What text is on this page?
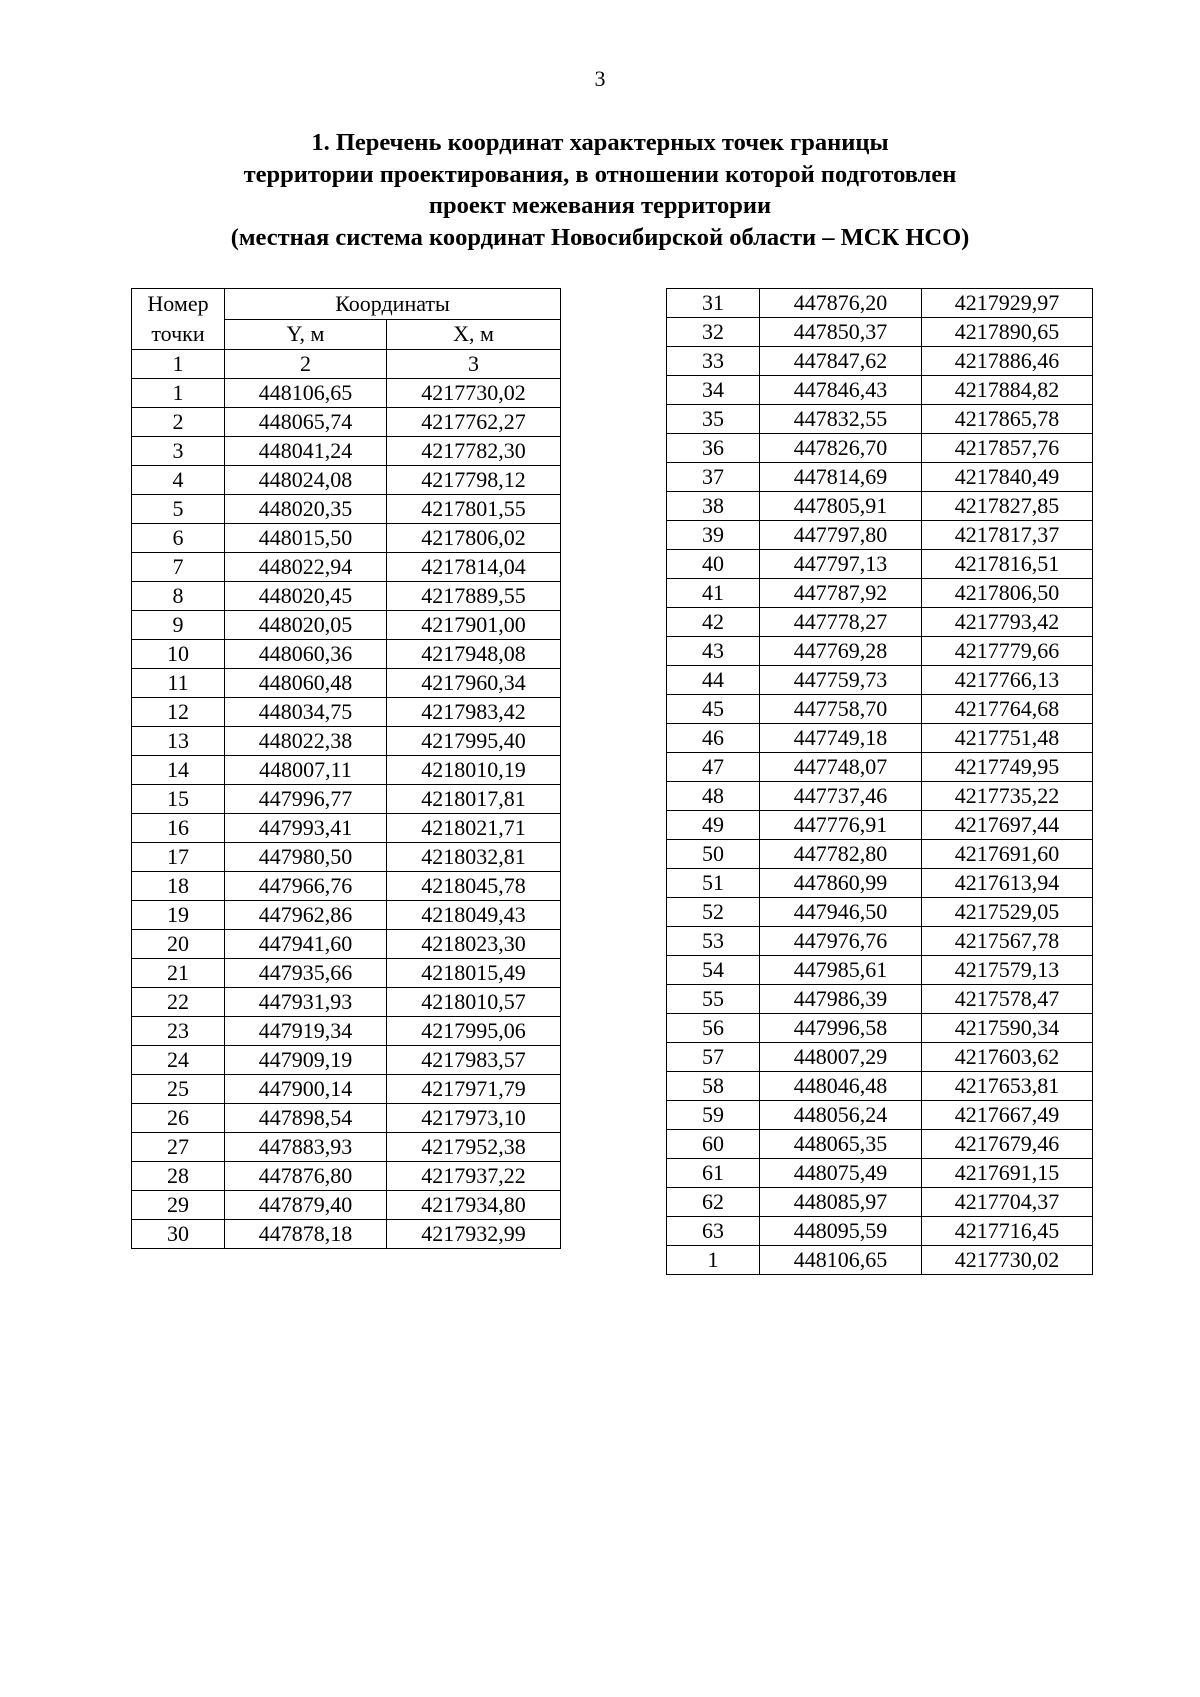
3
1. Перечень координат характерных точек границы
территории проектирования, в отношении которой подготовлен
проект межевания территории
(местная система координат Новосибирской области – МСК НСО)
Номер
точки	Координаты	
	Y, м	X, м
1	2	3
1	448106,65	4217730,02
2	448065,74	4217762,27
3	448041,24	4217782,30
4	448024,08	4217798,12
5	448020,35	4217801,55
6	448015,50	4217806,02
7	448022,94	4217814,04
8	448020,45	4217889,55
9	448020,05	4217901,00
10	448060,36	4217948,08
11	448060,48	4217960,34
12	448034,75	4217983,42
13	448022,38	4217995,40
14	448007,11	4218010,19
15	447996,77	4218017,81
16	447993,41	4218021,71
17	447980,50	4218032,81
18	447966,76	4218045,78
19	447962,86	4218049,43
20	447941,60	4218023,30
21	447935,66	4218015,49
22	447931,93	4218010,57
23	447919,34	4217995,06
24	447909,19	4217983,57
25	447900,14	4217971,79
26	447898,54	4217973,10
27	447883,93	4217952,38
28	447876,80	4217937,22
29	447879,40	4217934,80
30	447878,18	4217932,99
31	447876,20	4217929,97
32	447850,37	4217890,65
33	447847,62	4217886,46
34	447846,43	4217884,82
35	447832,55	4217865,78
36	447826,70	4217857,76
37	447814,69	4217840,49
38	447805,91	4217827,85
39	447797,80	4217817,37
40	447797,13	4217816,51
41	447787,92	4217806,50
42	447778,27	4217793,42
43	447769,28	4217779,66
44	447759,73	4217766,13
45	447758,70	4217764,68
46	447749,18	4217751,48
47	447748,07	4217749,95
48	447737,46	4217735,22
49	447776,91	4217697,44
50	447782,80	4217691,60
51	447860,99	4217613,94
52	447946,50	4217529,05
53	447976,76	4217567,78
54	447985,61	4217579,13
55	447986,39	4217578,47
56	447996,58	4217590,34
57	448007,29	4217603,62
58	448046,48	4217653,81
59	448056,24	4217667,49
60	448065,35	4217679,46
61	448075,49	4217691,15
62	448085,97	4217704,37
63	448095,59	4217716,45
1	448106,65	4217730,02
